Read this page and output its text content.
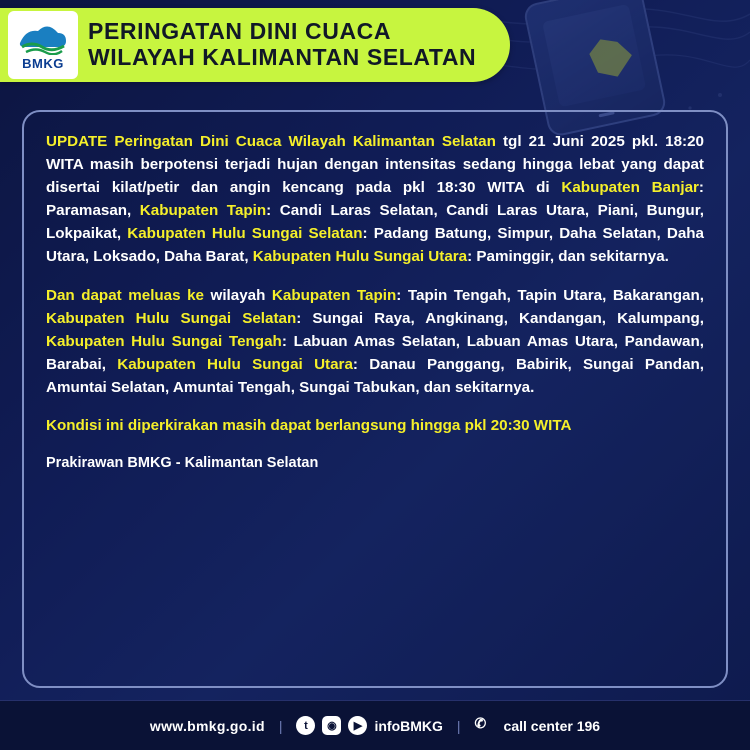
BMKG
PERINGATAN DINI CUACA
WILAYAH KALIMANTAN SELATAN

UPDATE Peringatan Dini Cuaca Wilayah Kalimantan Selatan tgl 21 Juni 2025 pkl. 18:20 WITA masih berpotensi terjadi hujan dengan intensitas sedang hingga lebat yang dapat disertai kilat/petir dan angin kencang pada pkl 18:30 WITA di Kabupaten Banjar: Paramasan, Kabupaten Tapin: Candi Laras Selatan, Candi Laras Utara, Piani, Bungur, Lokpaikat, Kabupaten Hulu Sungai Selatan: Padang Batung, Simpur, Daha Selatan, Daha Utara, Loksado, Daha Barat, Kabupaten Hulu Sungai Utara: Paminggir, dan sekitarnya.

Dan dapat meluas ke wilayah Kabupaten Tapin: Tapin Tengah, Tapin Utara, Bakarangan, Kabupaten Hulu Sungai Selatan: Sungai Raya, Angkinang, Kandangan, Kalumpang, Kabupaten Hulu Sungai Tengah: Labuan Amas Selatan, Labuan Amas Utara, Pandawan, Barabai, Kabupaten Hulu Sungai Utara: Danau Panggang, Babirik, Sungai Pandan, Amuntai Selatan, Amuntai Tengah, Sungai Tabukan, dan sekitarnya.

Kondisi ini diperkirakan masih dapat berlangsung hingga pkl 20:30 WITA

Prakirawan BMKG - Kalimantan Selatan

www.bmkg.go.id |	t	◉	▶ infoBMKG | ✆	call center 196
